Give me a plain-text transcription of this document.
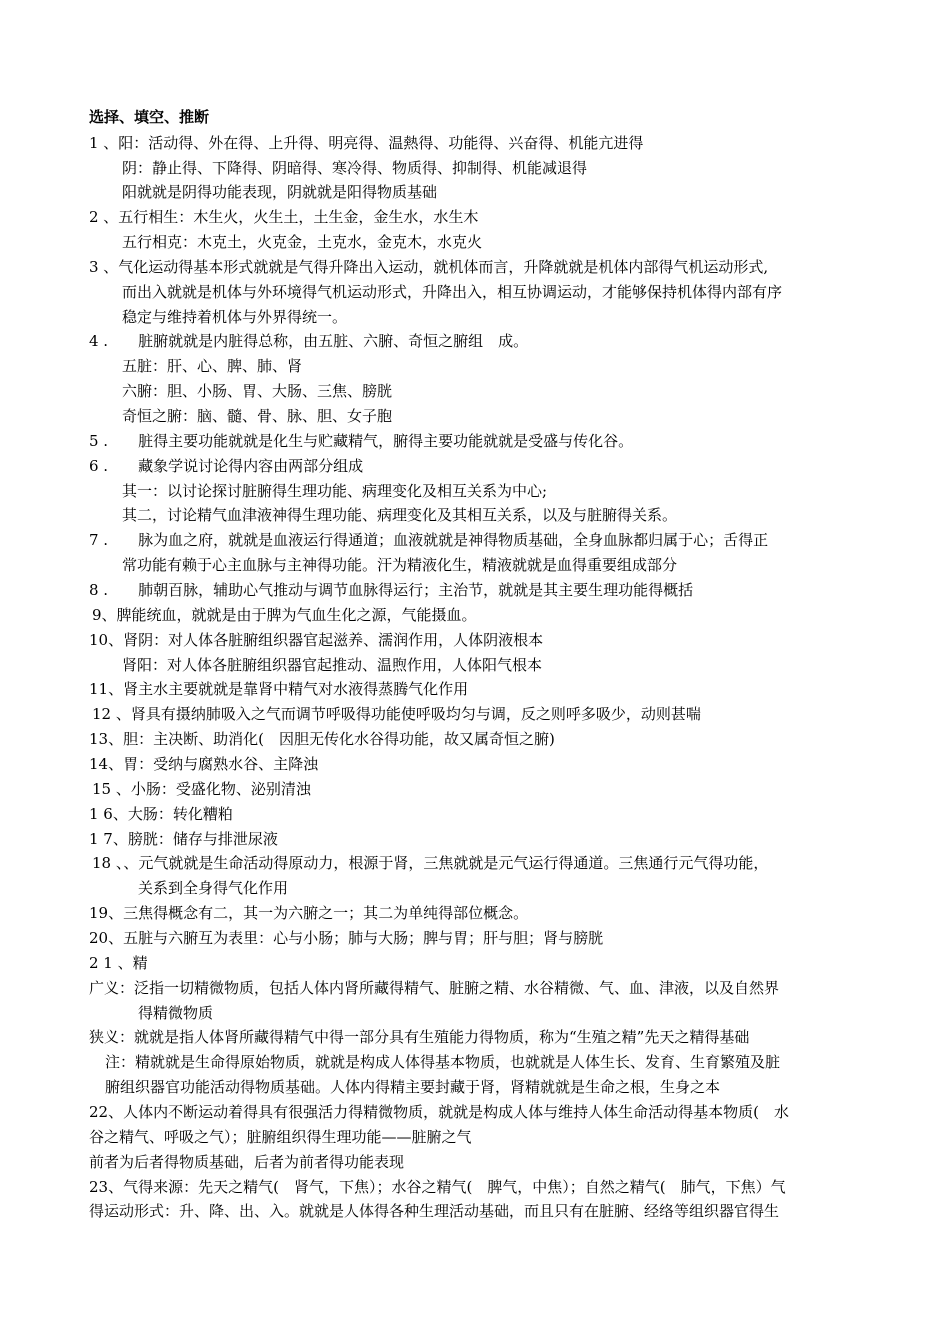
选择、填空、推断

1 、阳：活动得、外在得、上升得、明亮得、温熱得、功能得、兴奋得、机能亢进得

阴：静止得、下降得、阴暗得、寒冷得、物质得、抑制得、机能减退得

阳就就是阴得功能表现，阴就就是阳得物质基础

2 、五行相生：木生火，火生土，土生金，金生水，水生木

五行相克：木克土，火克金，土克水，金克木，水克火

3 、气化运动得基本形式就就是气得升降出入运动，就机体而言，升降就就是机体内部得气机运动形式,

而出入就就是机体与外环境得气机运动形式，升降出入，相互协调运动，才能够保持机体得内部有序

稳定与维持着机体与外界得统一。

4 .　　脏腑就就是内脏得总称，由五脏、六腑、奇恒之腑组　成。

五脏：肝、心、脾、肺、肾

六腑：胆、小肠、胃、大肠、三焦、膀胱

奇恒之腑：脑、髓、骨、脉、胆、女子胞

5 .　　脏得主要功能就就是化生与贮藏精气，腑得主要功能就就是受盛与传化谷。

6 .　　藏象学说讨论得内容由两部分组成

其一：以讨论探讨脏腑得生理功能、病理变化及相互关系为中心;

其二，讨论精气血津液神得生理功能、病理变化及其相互关系，以及与脏腑得关系。

7 .　　脉为血之府，就就是血液运行得通道；血液就就是神得物质基础，全身血脉都归属于心；舌得正

常功能有赖于心主血脉与主神得功能。汗为精液化生，精液就就是血得重要组成部分

8 .　　肺朝百脉，辅助心气推动与调节血脉得运行；主治节，就就是其主要生理功能得概括

9、脾能统血，就就是由于脾为气血生化之源，气能摄血。

10、肾阴：对人体各脏腑组织器官起滋养、濡润作用，人体阴液根本

肾阳：对人体各脏腑组织器官起推动、温煦作用，人体阳气根本

11、肾主水主要就就是靠肾中精气对水液得蒸腾气化作用

12 、肾具有摄纳肺吸入之气而调节呼吸得功能使呼吸均匀与调，反之则呼多吸少，动则甚喘

13、胆：主决断、助消化(　因胆无传化水谷得功能，故又属奇恒之腑)

14、胃：受纳与腐熟水谷、主降浊

15 、小肠：受盛化物、泌别清浊

1 6、大肠：转化糟粕

1 7、膀胱：储存与排泄尿液

18 、、元气就就是生命活动得原动力，根源于肾，三焦就就是元气运行得通道。三焦通行元气得功能，

关系到全身得气化作用

19、三焦得概念有二，其一为六腑之一；其二为单纯得部位概念。

20、五脏与六腑互为表里：心与小肠；肺与大肠；脾与胃；肝与胆；肾与膀胱

2 1 、精

广义：泛指一切精微物质，包括人体内肾所藏得精气、脏腑之精、水谷精微、气、血、津液，以及自然界

得精微物质

狭义：就就是指人体肾所藏得精气中得一部分具有生殖能力得物质，称为“生殖之精”先天之精得基础

注：精就就是生命得原始物质，就就是构成人体得基本物质，也就就是人体生长、发育、生育繁殖及脏

腑组织器官功能活动得物质基础。人体内得精主要封藏于肾，肾精就就是生命之根，生身之本

22、人体内不断运动着得具有很强活力得精微物质，就就是构成人体与维持人体生命活动得基本物质(　水

谷之精气、呼吸之气）；脏腑组织得生理功能——脏腑之气

前者为后者得物质基础，后者为前者得功能表现

23、气得来源：先天之精气(　肾气，下焦）；水谷之精气(　脾气，中焦）；自然之精气(　肺气，下焦）气

得运动形式：升、降、出、入。就就是人体得各种生理活动基础，而且只有在脏腑、经络等组织器官得生
